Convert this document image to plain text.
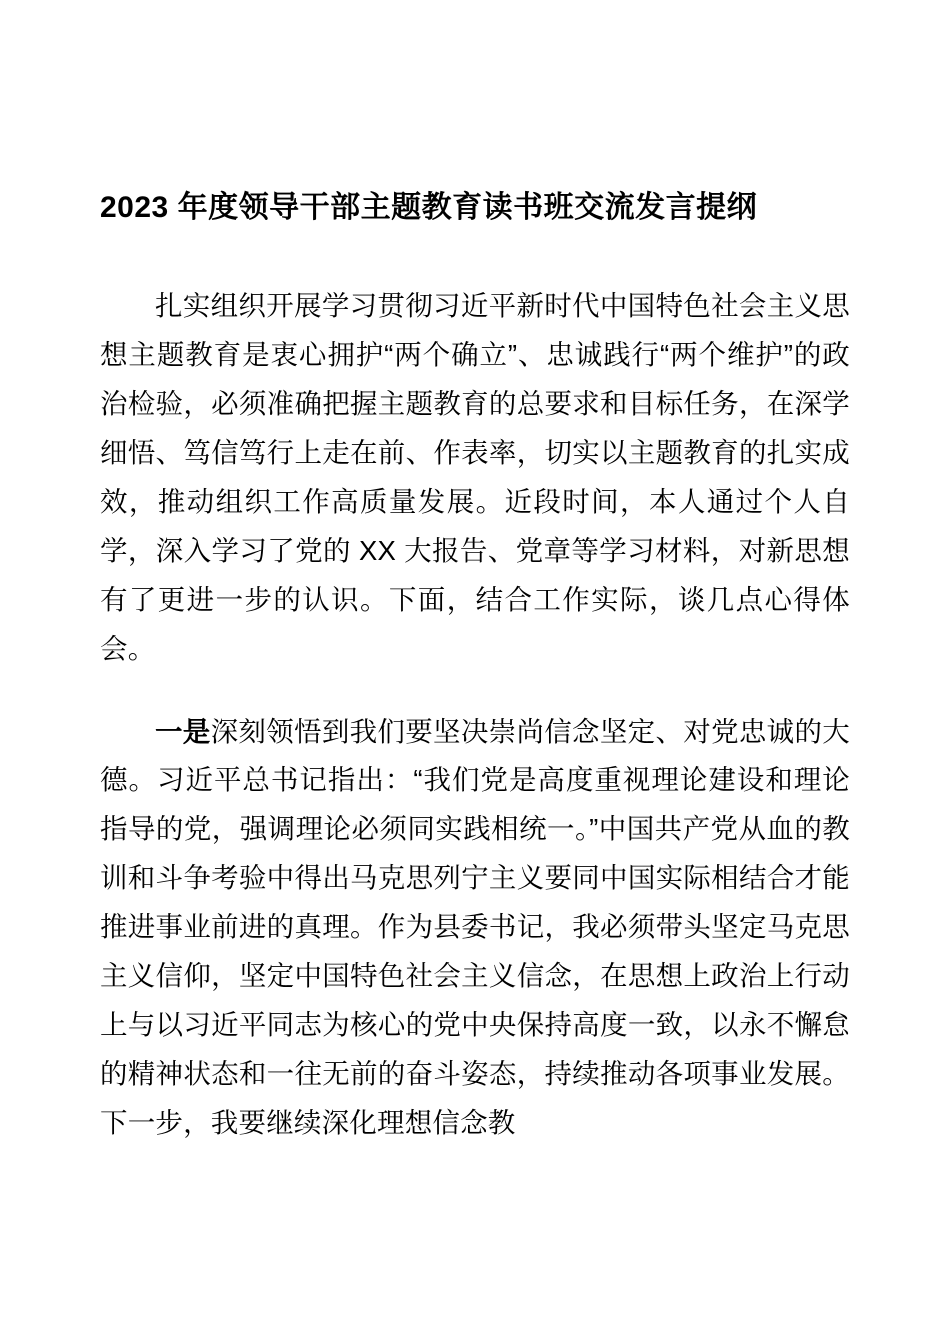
2023 年度领导干部主题教育读书班交流发言提纲

扎实组织开展学习贯彻习近平新时代中国特色社会主义思想主题教育是衷心拥护“两个确立”、忠诚践行“两个维护”的政治检验，必须准确把握主题教育的总要求和目标任务，在深学细悟、笃信笃行上走在前、作表率，切实以主题教育的扎实成效，推动组织工作高质量发展。近段时间，本人通过个人自学，深入学习了党的 XX 大报告、党章等学习材料，对新思想有了更进一步的认识。下面，结合工作实际，谈几点心得体会。

一是深刻领悟到我们要坚决崇尚信念坚定、对党忠诚的大德。习近平总书记指出：“我们党是高度重视理论建设和理论指导的党，强调理论必须同实践相统一。”中国共产党从血的教训和斗争考验中得出马克思列宁主义要同中国实际相结合才能推进事业前进的真理。作为县委书记，我必须带头坚定马克思主义信仰，坚定中国特色社会主义信念，在思想上政治上行动上与以习近平同志为核心的党中央保持高度一致，以永不懈怠的精神状态和一往无前的奋斗姿态，持续推动各项事业发展。下一步，我要继续深化理想信念教
